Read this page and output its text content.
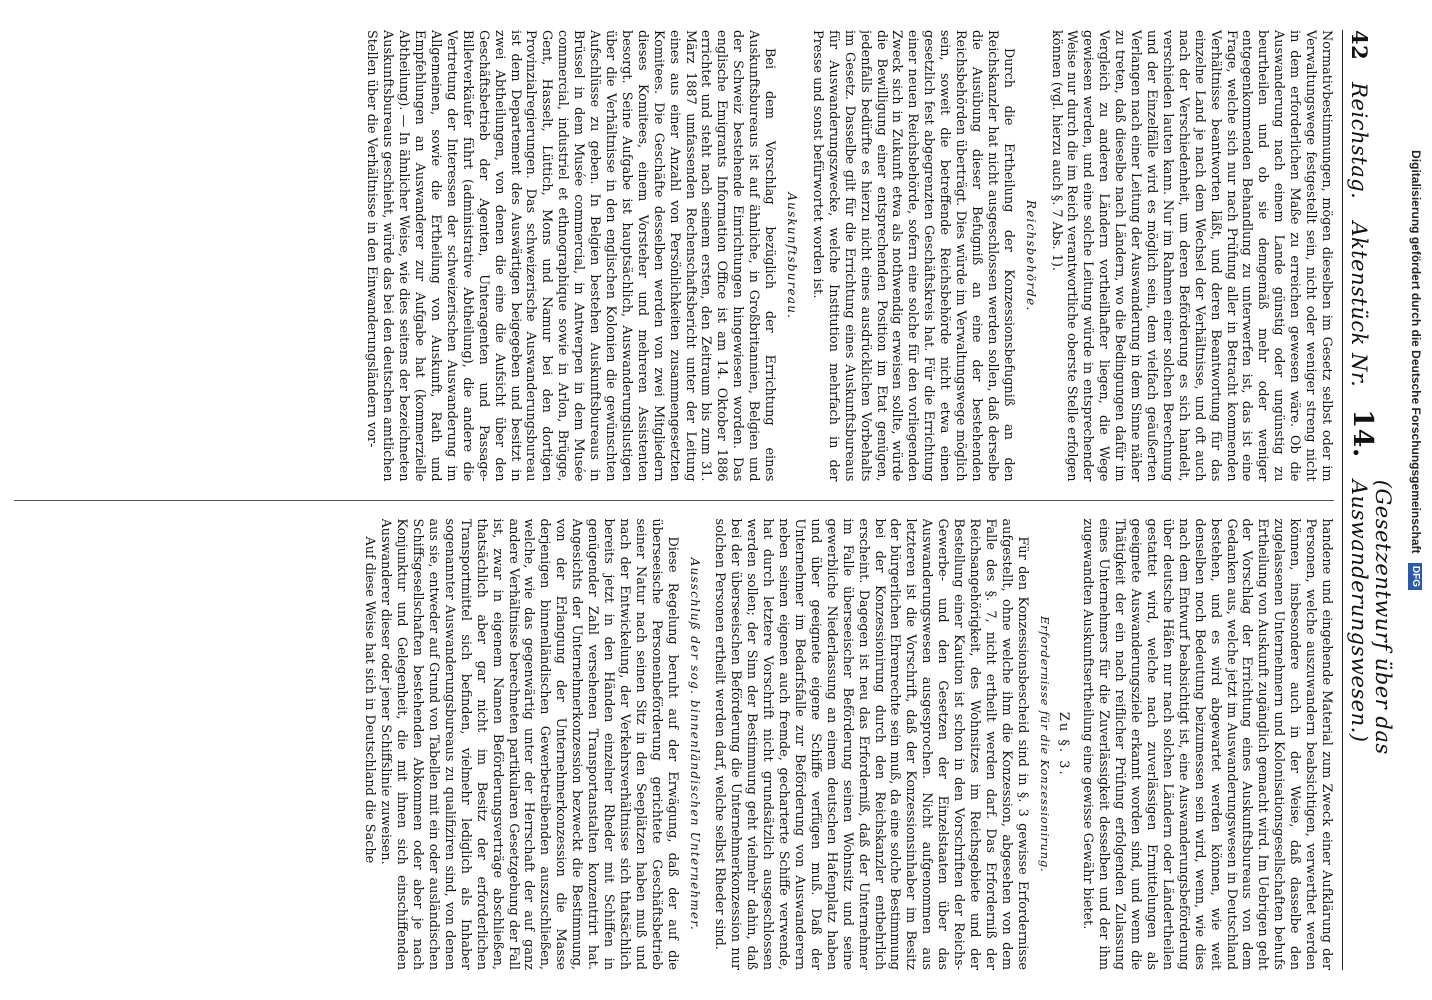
42
Reichstag.
Aktenstück Nr.
14.
(Gesetzentwurf über das Auswanderungswesen.)

Normativbestimmungen, mögen dieselben im Gesetz selbst oder im Verwaltungswege festgestellt sein, nicht oder weniger streng nicht in dem erforderlichen Maße zu erreichen gewesen wäre. Ob die Auswanderung nach einem Lande günstig oder ungünstig zu beurtheilen und ob sie demgemäß mehr oder weniger entgegenkommenden Behandlung zu unterwerfen ist, das ist eine Frage, welche sich nur nach Prüfung aller in Betracht kommenden Verhältnisse beantworten läßt, und deren Beantwortung für das einzelne Land je nach dem Wechsel der Verhältnisse, und oft auch nach der Verschiedenheit, um deren Beförderung es sich handelt, verschieden lauten kann. Nur im Rahmen einer solchen Berechnung und der Einzelfälle wird es möglich sein, dem vielfach geäußerten Verlangen nach einer Leitung der Auswanderung in dem Sinne näher zu treten, daß dieselbe nach Ländern, wo die Bedingungen dafür im Vergleich zu anderen Ländern vortheilhafter liegen, die Wege gewiesen werden, und eine solche Leitung würde in entsprechender Weise nur durch die im Reich verantwortliche oberste Stelle erfolgen können (vgl. hierzu auch §. 7 Abs. 1).

Reichsbehörde.

Durch die Ertheilung der Konzessionsbefugniß an den Reichskanzler hat nicht ausgeschlossen werden sollen, daß derselbe die Ausübung dieser Befugniß an eine der bestehenden Reichsbehörden überträgt. Dies würde im Verwaltungswege möglich sein, soweit die betreffende Reichsbehörde nicht etwa einen gesetzlich fest abgegrenzten Geschäftskreis hat. Für die Errichtung einer neuen Reichsbehörde, sofern eine solche für den vorliegenden Zweck sich in Zukunft etwa als nothwendig erweisen sollte, würde die Bewilligung einer entsprechenden Position im Etat genügen, jedenfalls bedürfte es hierzu nicht eines ausdrücklichen Vorbehalts im Gesetz. Dasselbe gilt für die Errichtung eines Auskunftsbureaus für Auswanderungszwecke, welche Institution mehrfach in der Presse und sonst befürwortet worden ist.

Auskunftsbureau.

Bei dem Vorschlag bezüglich der Errichtung eines Auskunftsbureaus ist auf ähnliche, in Großbritannien, Belgien und der Schweiz bestehende Einrichtungen hingewiesen worden. Das englische Emigrants Information Office ist am 14. Oktober 1886 errichtet und steht nach seinem ersten, den Zeitraum bis zum 31. März 1887 umfassenden Rechenschaftsbericht unter der Leitung eines aus einer Anzahl von Persönlichkeiten zusammengesetzten Komitees. Die Geschäfte desselben werden von zwei Mitgliedern dieses Komitees, einem Vorsteher und mehreren Assistenten besorgt. Seine Aufgabe ist hauptsächlich, Auswanderungslustigen über die Verhältnisse in den englischen Kolonien die gewünschten Aufschlüsse zu geben. In Belgien bestehen Auskunftsbureaus in Brüssel in dem Musée commercial, in Antwerpen in dem Musée commercial, industriel et ethnographique sowie in Arlon, Brügge, Gent, Hasselt, Lüttich, Mons und Namur bei den dortigen Provinzialregierungen. Das schweizerische Auswanderungsbureau ist dem Departement des Auswärtigen beigegeben und besitzt in zwei Abtheilungen, von denen die eine die Aufsicht über den Geschäftsbetrieb der Agenten, Unteragenten und Passage-Billetverkäufer führt (administrative Abtheilung), die andere die Vertretung der Interessen der schweizerischen Auswanderung im Allgemeinen, sowie die Ertheilung von Auskunft, Rath und Empfehlungen an Auswanderer zur Aufgabe hat (kommerzielle Abtheilung). — In ähnlicher Weise, wie dies seitens der bezeichneten Auskunftsbureaus geschieht, würde das bei den deutschen amtlichen Stellen über die Verhältnisse in den Einwanderungsländern vor-

handene und eingehende Material zum Zweck einer Aufklärung der Personen, welche auszuwandern beabsichtigen, verwerthet werden können, insbesondere auch in der Weise, daß dasselbe den zugelassenen Unternehmern und Kolonisationsgesellschaften behufs Ertheilung von Auskunft zugänglich gemacht wird. Im Uebrigen geht der Vorschlag der Errichtung eines Auskunftsbureaus von dem Gedanken aus, welche jetzt im Auswanderungswesen in Deutschland bestehen, und es wird abgewartet werden können, wie weit denselben noch Bedeutung beizumessen sein wird, wenn, wie dies nach dem Entwurf beabsichtigt ist, eine Auswanderungsbeförderung über deutsche Häfen nur nach solchen Ländern oder Ländertheilen gestattet wird, welche nach zuverlässigen Ermittelungen als geeignete Auswanderungsziele erkannt worden sind, und wenn die Thätigkeit der ein nach reiflicher Prüfung erfolgenden Zulassung eines Unternehmers für die Zuverlässigkeit desselben und der ihm zugewandten Auskunftsertheilung eine gewisse Gewähr bietet.

Zu §. 3.
Erfordernisse für die Konzessionirung.

Für den Konzessionsbescheid sind in §. 3 gewisse Erfordernisse aufgestellt, ohne welche ihm die Konzession, abgesehen von dem Falle des §. 7, nicht ertheilt werden darf. Das Erforderniß der Reichsangehörigkeit, des Wohnsitzes im Reichsgebiete und der Bestellung einer Kaution ist schon in den Vorschriften der Reichs-Gewerbe- und den Gesetzen der Einzelstaaten über das Auswanderungswesen ausgesprochen. Nicht aufgenommen aus letzteren ist die Vorschrift, daß der Konzessionsinhaber im Besitz der bürgerlichen Ehrenrechte sein muß, da eine solche Bestimmung bei der Konzessionirung durch den Reichskanzler entbehrlich erscheint. Dagegen ist neu das Erforderniß, daß der Unternehmer im Falle überseeischer Beförderung seinen Wohnsitz und seine gewerbliche Niederlassung an einem deutschen Hafenplatz haben und über geeignete eigene Schiffe verfügen muß. Daß der Unternehmer im Bedarfsfalle zur Beförderung von Auswanderern neben seinen eigenen auch fremde, gecharterte Schiffe verwende, hat durch letztere Vorschrift nicht grundsätzlich ausgeschlossen werden sollen; der Sinn der Bestimmung geht vielmehr dahin, daß bei der überseeischen Beförderung die Unternehmerkonzession nur solchen Personen ertheilt werden darf, welche selbst Rheder sind.

Ausschluß der sog. binnenländischen Unternehmer.

Diese Regelung beruht auf der Erwägung, daß der auf die überseeische Personenbeförderung gerichtete Geschäftsbetrieb seiner Natur nach seinen Sitz in den Seeplätzen haben muß und nach der Entwickelung, der Verkehrsverhältnisse sich thatsächlich bereits jetzt in den Händen einzelner Rheder mit Schiffen in genügender Zahl versehenen Transportanstalten konzentrirt hat. Angesichts der Unternehmerkonzession bezweckt die Bestimmung, von der Erlangung der Unternehmerkonzession die Masse derjenigen binnenländischen Gewerbetreibenden auszuschließen, welche, wie das gegenwärtig unter der Herrschaft der auf ganz andere Verhältnisse berechneten partikularen Gesetzgebung der Fall ist, zwar in eigenem Namen Beförderungsverträge abschließen, thatsächlich aber gar nicht im Besitz der erforderlichen Transportmittel sich befinden, vielmehr lediglich als Inhaber sogenannter Auswanderungsbureaus zu qualifiziren sind, von denen aus sie, entweder auf Grund von Tabellen mit ein oder ausländischen Schiffsgesellschaften bestehenden Abkommen oder aber je nach Konjunktur und Gelegenheit, die mit ihnen sich einschiffenden Auswanderer dieser oder jener Schiffslinie zuweisen.

Auf diese Weise hat sich in Deutschland die Sache

Digitalisierung gefördert durch die Deutsche Forschungsgemeinschaft DFG
